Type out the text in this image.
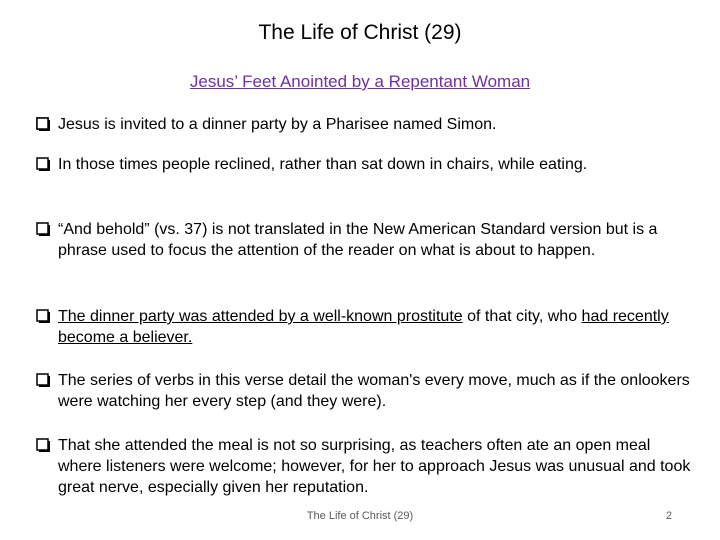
The Life of Christ (29)
Jesus’ Feet Anointed by a Repentant Woman
Jesus is invited to a dinner party by a Pharisee named Simon.
In those times people reclined, rather than sat down in chairs, while eating.
“And behold” (vs. 37) is not translated in the New American Standard version but is a phrase used to focus the attention of the reader on what is about to happen.
The dinner party was attended by a well-known prostitute of that city, who had recently become a believer.
The series of verbs in this verse detail the woman's every move, much as if the onlookers were watching her every step (and they were).
That she attended the meal is not so surprising, as teachers often ate an open meal where listeners were welcome; however, for her to approach Jesus was unusual and took great nerve, especially given her reputation.
The Life of Christ (29)	2
